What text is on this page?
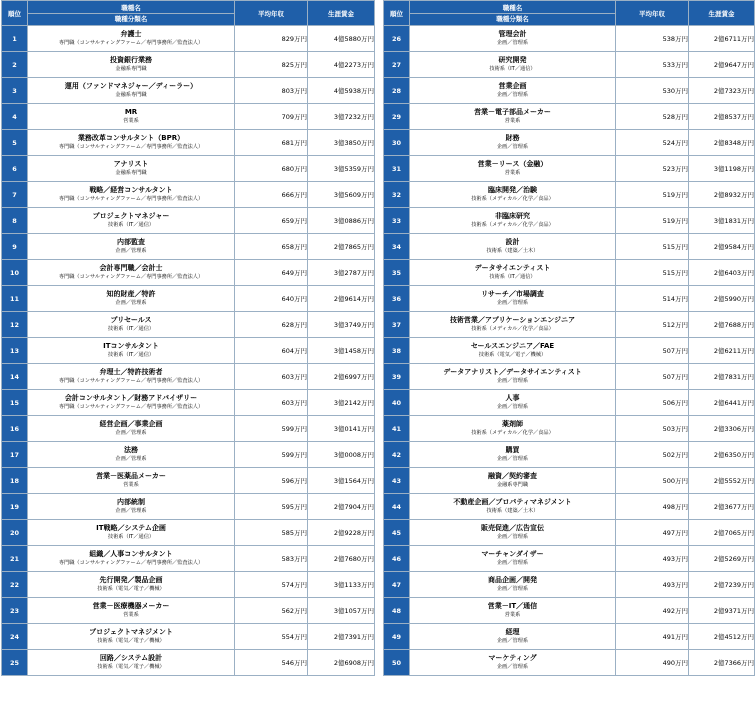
順位	職種名
職種分類名	平均年収	生涯賃金
1	弁護士
専門職（コンサルティングファーム／専門事務所／監査法人）	829万円	4億5880万円
2	投資銀行業務
金融系専門職	825万円	4億2273万円
3	運用（ファンドマネジャー／ディーラー）
金融系専門職	803万円	4億5938万円
4	MR
営業系	709万円	3億7232万円
5	業務改革コンサルタント（BPR）
専門職（コンサルティングファーム／専門事務所／監査法人）	681万円	3億3850万円
6	アナリスト
金融系専門職	680万円	3億5359万円
7	戦略／経営コンサルタント
専門職（コンサルティングファーム／専門事務所／監査法人）	666万円	3億5609万円
8	プロジェクトマネジャー
技術系（IT／通信）	659万円	3億0886万円
9	内部監査
企画／管理系	658万円	2億7865万円
10	会計専門職／会計士
専門職（コンサルティングファーム／専門事務所／監査法人）	649万円	3億2787万円
11	知的財産／特許
企画／管理系	640万円	2億9614万円
12	プリセールス
技術系（IT／通信）	628万円	3億3749万円
13	ITコンサルタント
技術系（IT／通信）	604万円	3億1458万円
14	弁理士／特許技術者
専門職（コンサルティングファーム／専門事務所／監査法人）	603万円	2億6997万円
15	会計コンサルタント／財務アドバイザリー
専門職（コンサルティングファーム／専門事務所／監査法人）	603万円	3億2142万円
16	経営企画／事業企画
企画／管理系	599万円	3億0141万円
17	法務
企画／管理系	599万円	3億0008万円
18	営業－医薬品メーカー
営業系	596万円	3億1564万円
19	内部統制
企画／管理系	595万円	2億7904万円
20	IT戦略／システム企画
技術系（IT／通信）	585万円	2億9228万円
21	組織／人事コンサルタント
専門職（コンサルティングファーム／専門事務所／監査法人）	583万円	2億7680万円
22	先行開発／製品企画
技術系（電気／電子／機械）	574万円	3億1133万円
23	営業－医療機器メーカー
営業系	562万円	3億1057万円
24	プロジェクトマネジメント
技術系（電気／電子／機械）	554万円	2億7391万円
25	回路／システム設計
技術系（電気／電子／機械）	546万円	2億6908万円
順位	職種名
職種分類名	平均年収	生涯賃金
26	管理会計
企画／管理系	538万円	2億6711万円
27	研究開発
技術系（IT／通信）	533万円	2億9647万円
28	営業企画
企画／管理系	530万円	2億7323万円
29	営業－電子部品メーカー
営業系	528万円	2億8537万円
30	財務
企画／管理系	524万円	2億8348万円
31	営業－リース（金融）
営業系	523万円	3億1198万円
32	臨床開発／治験
技術系（メディカル／化学／食品）	519万円	2億8932万円
33	非臨床研究
技術系（メディカル／化学／食品）	519万円	3億1831万円
34	設計
技術系（建築／土木）	515万円	2億9584万円
35	データサイエンティスト
技術系（IT／通信）	515万円	2億6403万円
36	リサーチ／市場調査
企画／管理系	514万円	2億5990万円
37	技術営業／アプリケーションエンジニア
技術系（メディカル／化学／食品）	512万円	2億7688万円
38	セールスエンジニア／FAE
技術系（電気／電子／機械）	507万円	2億6211万円
39	データアナリスト／データサイエンティスト
企画／管理系	507万円	2億7831万円
40	人事
企画／管理系	506万円	2億6441万円
41	薬剤師
技術系（メディカル／化学／食品）	503万円	2億3306万円
42	購買
企画／管理系	502万円	2億6350万円
43	融資／契約審査
金融系専門職	500万円	2億5552万円
44	不動産企画／プロパティマネジメント
技術系（建築／土木）	498万円	2億3677万円
45	販売促進／広告宣伝
企画／管理系	497万円	2億7065万円
46	マーチャンダイザー
企画／管理系	493万円	2億5269万円
47	商品企画／開発
企画／管理系	493万円	2億7239万円
48	営業－IT／通信
営業系	492万円	2億9371万円
49	経理
企画／管理系	491万円	2億4512万円
50	マーケティング
企画／管理系	490万円	2億7366万円
